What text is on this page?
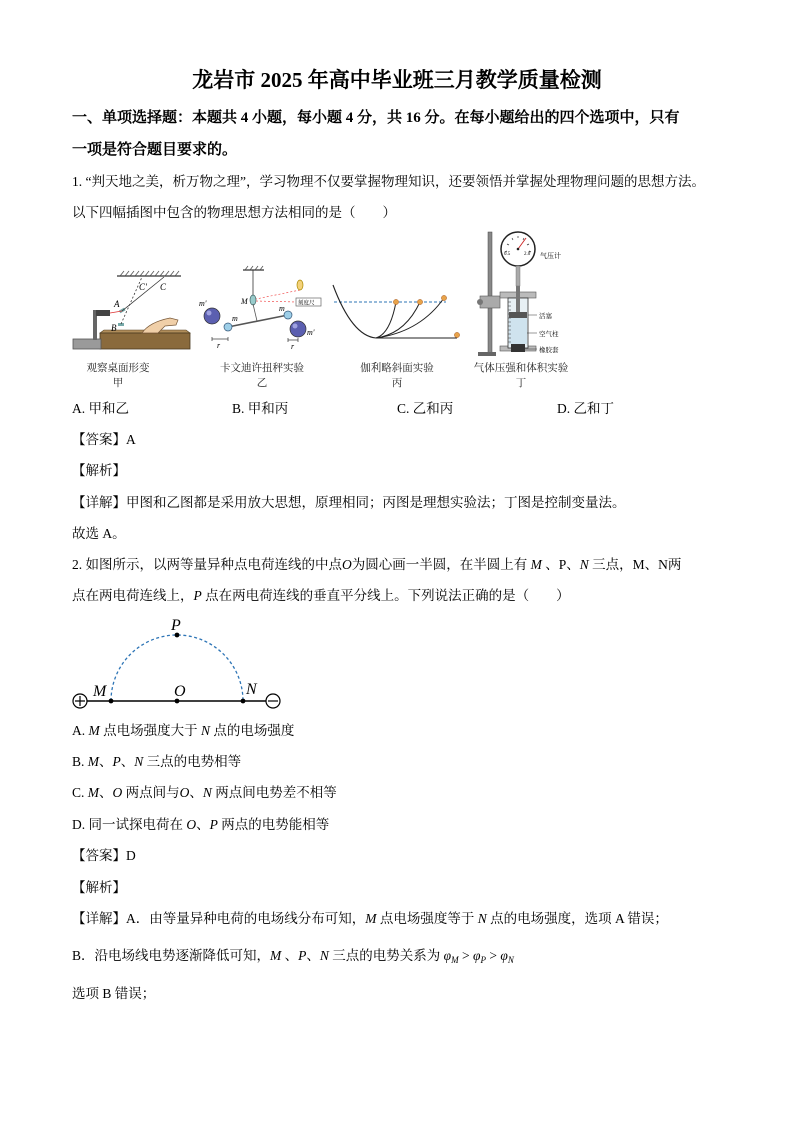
龙岩市 2025 年高中毕业班三月教学质量检测
一、单项选择题：本题共 4 小题，每小题 4 分，共 16 分。在每小题给出的四个选项中，只有
一项是符合题目要求的。
1. “判天地之美，析万物之理”，学习物理不仅要掌握物理知识，还要领悟并掌握处理物理问题的思想方法。
以下四幅插图中包含的物理思想方法相同的是（　　）
C' C
A
B
M
m'
m
m
m'
刻度尺
r	r
气压计
0.5	2.0
活塞
空气柱
橡胶套
观察桌面形变
甲
卡文迪许扭秤实验
乙
伽利略斜面实验
丙
气体压强和体积实验
丁
A. 甲和乙	B. 甲和丙	C. 乙和丙	D. 乙和丁
【答案】A
【解析】
【详解】甲图和乙图都是采用放大思想，原理相同；丙图是理想实验法；丁图是控制变量法。
故选 A。
2. 如图所示，以两等量异种点电荷连线的中点O为圆心画一半圆，在半圆上有 M 、P、N 三点，M、N两
点在两电荷连线上，P 点在两电荷连线的垂直平分线上。下列说法正确的是（　　）
P
M	O	N
A. M 点电场强度大于 N 点的电场强度
B. M、P、N 三点的电势相等
C. M、O 两点间与O、N 两点间电势差不相等
D. 同一试探电荷在 O、P 两点的电势能相等
【答案】D
【解析】
【详解】A．由等量异种电荷的电场线分布可知，M 点电场强度等于 N 点的电场强度，选项 A 错误；
B．沿电场线电势逐渐降低可知，M 、P、N 三点的电势关系为 $\varphi_M > \varphi_P > \varphi_N$
选项 B 错误；
